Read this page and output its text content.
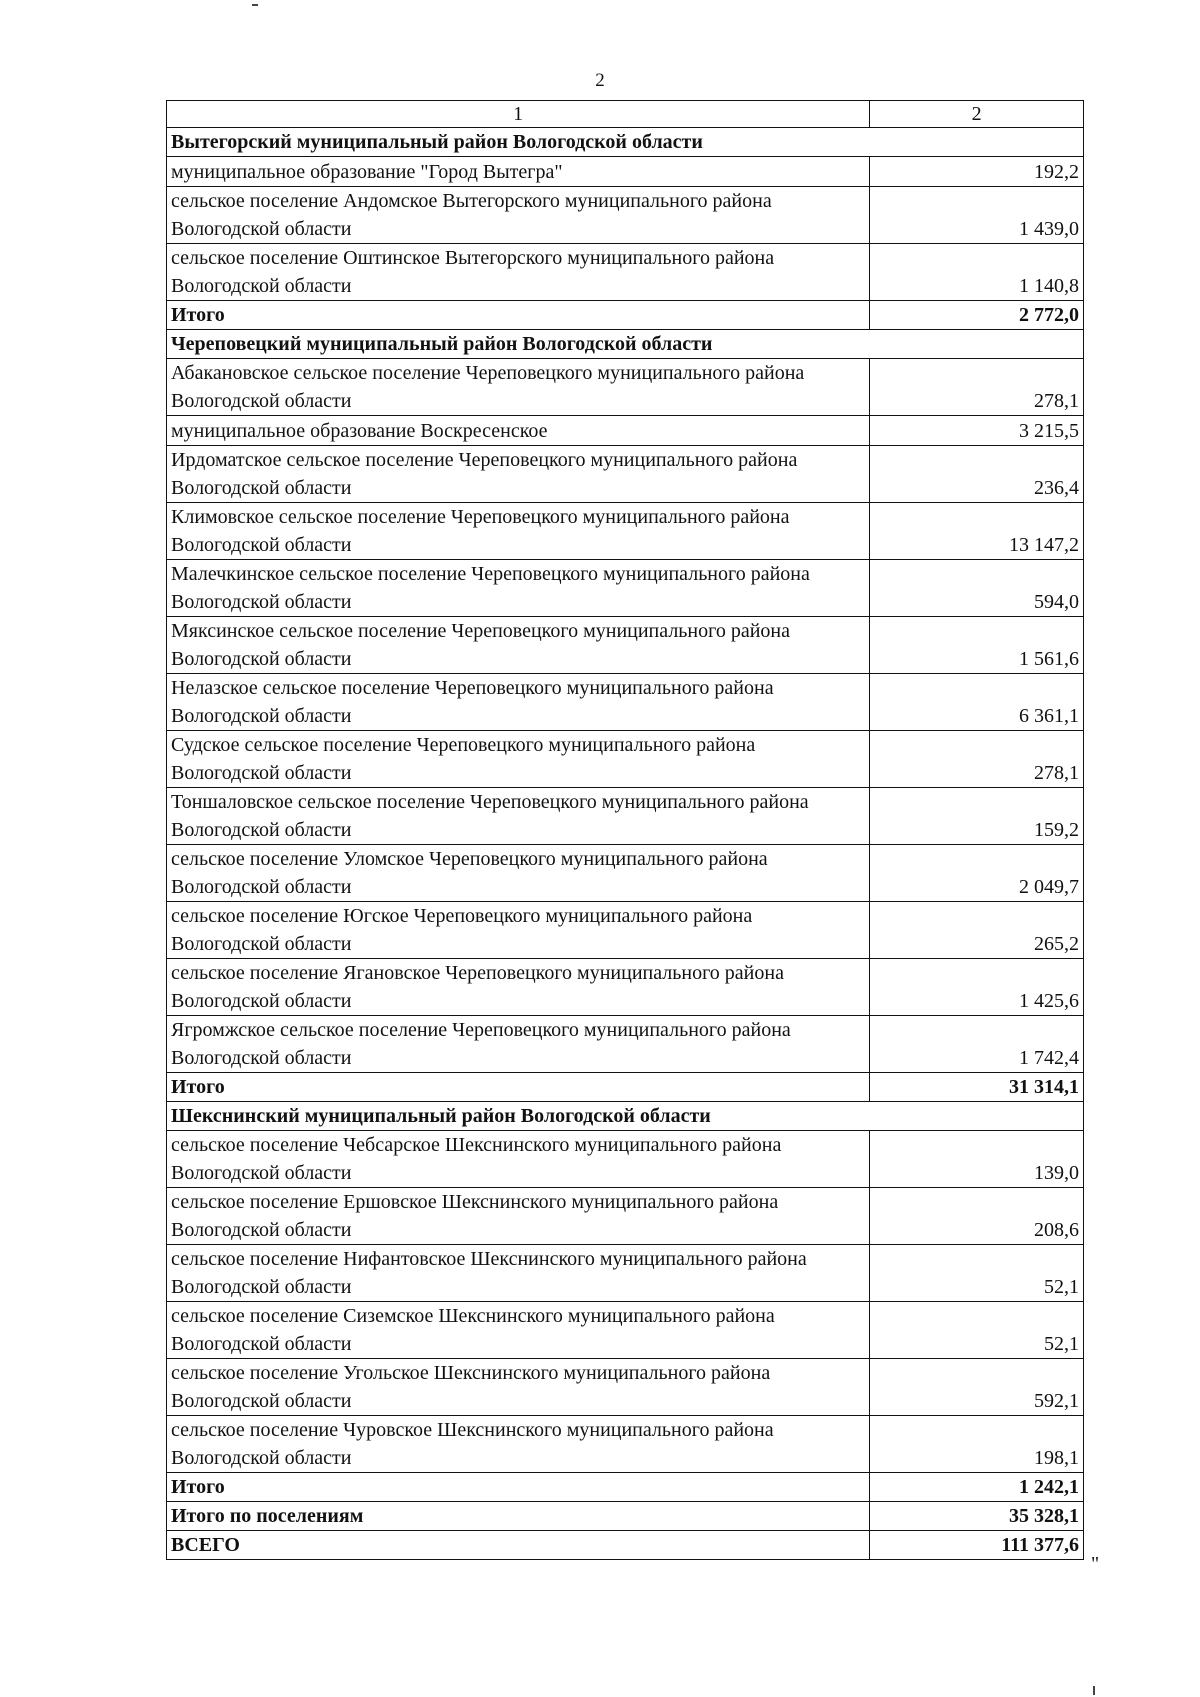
2
1	2
Вытегорский муниципальный район Вологодской области	
муниципальное образование "Город Вытегра"	192,2
сельское поселение Андомское Вытегорского муниципального района Вологодской области	1 439,0
сельское поселение Оштинское Вытегорского муниципального района Вологодской области	1 140,8
Итого	2 772,0
Череповецкий муниципальный район Вологодской области	
Абакановское сельское поселение Череповецкого муниципального района Вологодской области	278,1
муниципальное образование Воскресенское	3 215,5
Ирдоматское сельское поселение Череповецкого муниципального района Вологодской области	236,4
Климовское сельское поселение Череповецкого муниципального района Вологодской области	13 147,2
Малечкинское сельское поселение Череповецкого муниципального района Вологодской области	594,0
Мяксинское сельское поселение Череповецкого муниципального района Вологодской области	1 561,6
Нелазское сельское поселение Череповецкого муниципального района Вологодской области	6 361,1
Судское сельское поселение Череповецкого муниципального района Вологодской области	278,1
Тоншаловское сельское поселение Череповецкого муниципального района Вологодской области	159,2
сельское поселение Уломское Череповецкого муниципального района Вологодской области	2 049,7
сельское поселение Югское Череповецкого муниципального района Вологодской области	265,2
сельское поселение Ягановское Череповецкого муниципального района Вологодской области	1 425,6
Ягромжское сельское поселение Череповецкого муниципального района Вологодской области	1 742,4
Итого	31 314,1
Шекснинский муниципальный район Вологодской области	
сельское поселение Чебсарское Шекснинского муниципального района Вологодской области	139,0
сельское поселение Ершовское Шекснинского муниципального района Вологодской области	208,6
сельское поселение Нифантовское Шекснинского муниципального района Вологодской области	52,1
сельское поселение Сиземское Шекснинского муниципального района Вологодской области	52,1
сельское поселение Угольское Шекснинского муниципального района Вологодской области	592,1
сельское поселение Чуровское Шекснинского муниципального района Вологодской области	198,1
Итого	1 242,1
Итого по поселениям	35 328,1
ВСЕГО	111 377,6
"
